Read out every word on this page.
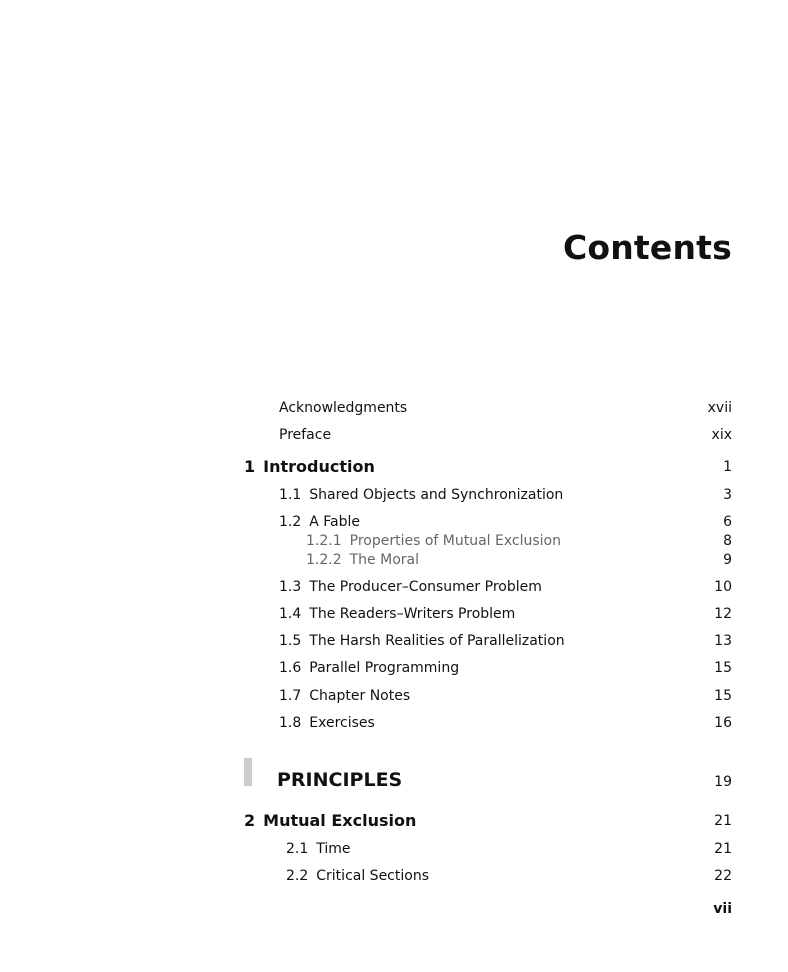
Contents
Acknowledgments	xvii
Preface	xix
1 Introduction	1
1.1 Shared Objects and Synchronization	3
1.2 A Fable	6
1.2.1 Properties of Mutual Exclusion	8
1.2.2 The Moral	9
1.3 The Producer–Consumer Problem	10
1.4 The Readers–Writers Problem	12
1.5 The Harsh Realities of Parallelization	13
1.6 Parallel Programming	15
1.7 Chapter Notes	15
1.8 Exercises	16
PRINCIPLES	19
2 Mutual Exclusion	21
2.1 Time	21
2.2 Critical Sections	22
vii
